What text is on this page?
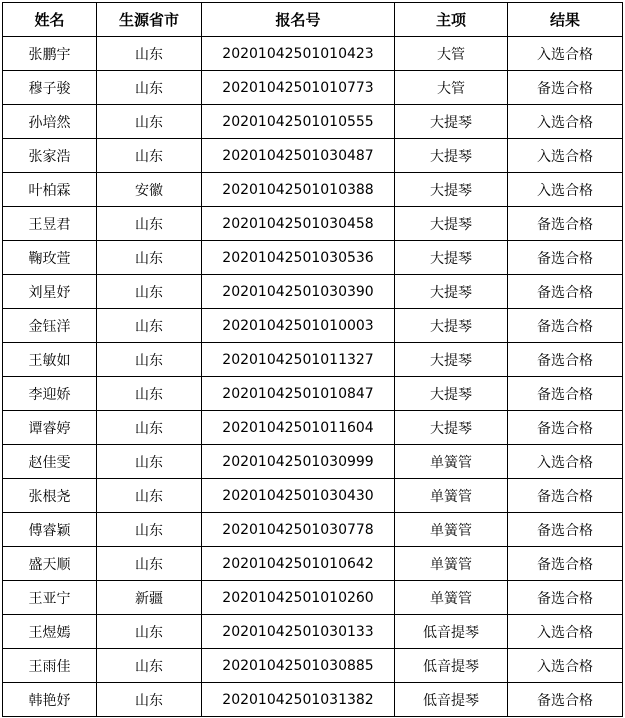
姓名	生源省市	报名号	主项	结果
张鹏宇	山东	20201042501010423	大管	入选合格
穆子骏	山东	20201042501010773	大管	备选合格
孙培然	山东	20201042501010555	大提琴	入选合格
张家浩	山东	20201042501030487	大提琴	入选合格
叶柏霖	安徽	20201042501010388	大提琴	入选合格
王昱君	山东	20201042501030458	大提琴	备选合格
鞠玫萱	山东	20201042501030536	大提琴	备选合格
刘星妤	山东	20201042501030390	大提琴	备选合格
金钰洋	山东	20201042501010003	大提琴	备选合格
王敏如	山东	20201042501011327	大提琴	备选合格
李迎娇	山东	20201042501010847	大提琴	备选合格
谭睿婷	山东	20201042501011604	大提琴	备选合格
赵佳雯	山东	20201042501030999	单簧管	入选合格
张根尧	山东	20201042501030430	单簧管	备选合格
傅睿颖	山东	20201042501030778	单簧管	备选合格
盛天顺	山东	20201042501010642	单簧管	备选合格
王亚宁	新疆	20201042501010260	单簧管	备选合格
王煜嫣	山东	20201042501030133	低音提琴	入选合格
王雨佳	山东	20201042501030885	低音提琴	入选合格
韩艳妤	山东	20201042501031382	低音提琴	备选合格
